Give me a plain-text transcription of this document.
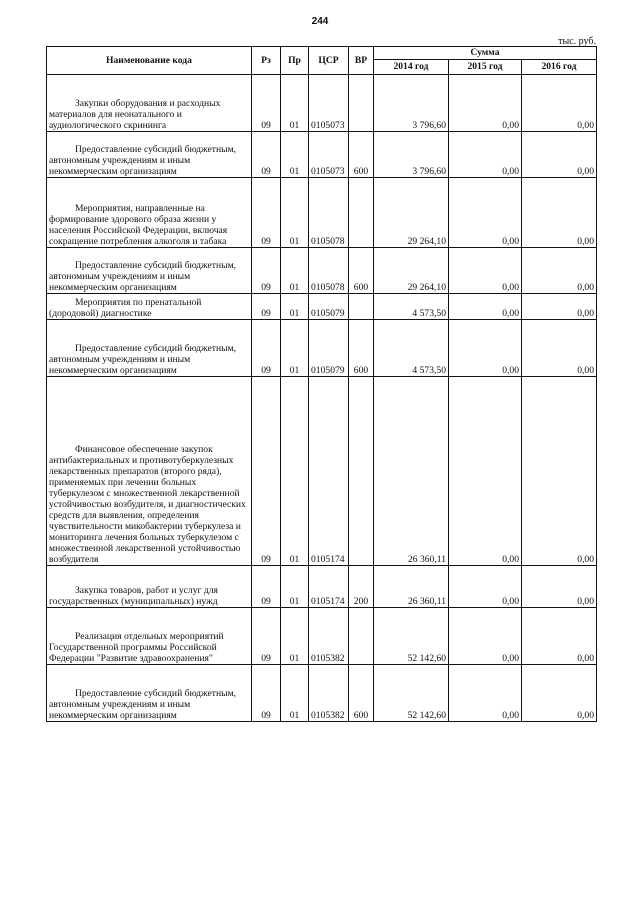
244
тыс. руб.
Наименование кода	Рз	Пр	ЦСР	ВР	Сумма		
					2014 год	2015 год	2016 год

Закупки оборудования и расходных материалов для неонатального и аудиологического скрининга	09	01	0105073		3 796,60	0,00	0,00

Предоставление субсидий бюджетным, автономным учреждениям и иным некоммерческим организациям	09	01	0105073	600	3 796,60	0,00	0,00

Мероприятия, направленные на формирование здорового образа жизни у населения Российской Федерации, включая сокращение потребления алкоголя и табака	09	01	0105078		29 264,10	0,00	0,00

Предоставление субсидий бюджетным, автономным учреждениям и иным некоммерческим организациям	09	01	0105078	600	29 264,10	0,00	0,00

Мероприятия по пренатальной (дородовой) диагностике	09	01	0105079		4 573,50	0,00	0,00

Предоставление субсидий бюджетным, автономным учреждениям и иным некоммерческим организациям	09	01	0105079	600	4 573,50	0,00	0,00

Финансовое обеспечение закупок антибактериальных и противотуберкулезных лекарственных препаратов (второго ряда), применяемых при лечении больных туберкулезом с множественной лекарственной устойчивостью возбудителя, и диагностических средств для выявления, определения чувствительности микобактерии туберкулеза и мониторинга лечения больных туберкулезом с множественной лекарственной устойчивостью возбудителя	09	01	0105174		26 360,11	0,00	0,00

Закупка товаров, работ и услуг для государственных (муниципальных) нужд	09	01	0105174	200	26 360,11	0,00	0,00

Реализация отдельных мероприятий Государственной программы Российской Федерации "Развитие здравоохранения"	09	01	0105382		52 142,60	0,00	0,00

Предоставление субсидий бюджетным, автономным учреждениям и иным некоммерческим организациям	09	01	0105382	600	52 142,60	0,00	0,00
